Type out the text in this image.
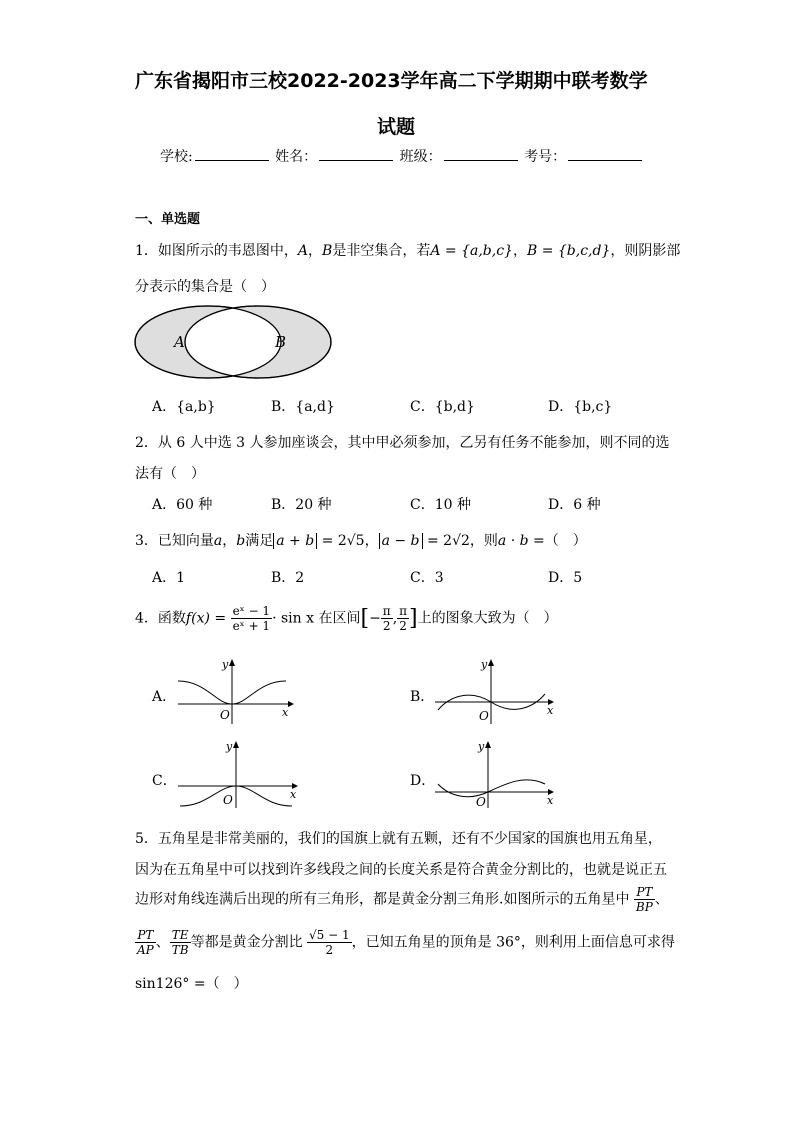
广东省揭阳市三校2022-2023学年高二下学期期中联考数学
试题
学校:	姓名：	班级：	考号：
一、单选题
1．如图所示的韦恩图中，A，B是非空集合，若A = {a,b,c}，B = {b,c,d}，则阴影部
分表示的集合是（　）
A	B
A．{a,b}	B．{a,d}	C．{b,d}	D．{b,c}
2．从 6 人中选 3 人参加座谈会，其中甲必须参加，乙另有任务不能参加，则不同的选
法有（　）
A．60 种	B．20 种	C．10 种	D．6 种
3．已知向量a，b满足 a + b = 2√5， a − b = 2√2，则a · b =（　）
A．1	B．2	C．3	D．5
4．函数$f(x) = \frac{\text{eˣ − 1}}{\text{eˣ + 1}} \cdot \sin x$ 在区间[− $\frac{\pi}{2}$ , $\frac{\pi}{2}$ ]上的图象大致为（　）
A．
y
x
O
B．
y
x
O
C．
y
x
O
D．
y
x
O
5．五角星是非常美丽的，我们的国旗上就有五颗，还有不少国家的国旗也用五角星，
因为在五角星中可以找到许多线段之间的长度关系是符合黄金分割比的，也就是说正五
边形对角线连满后出现的所有三角形，都是黄金分割三角形.如图所示的五角星中 $\frac{PT}{BP}$ 、
$\frac{PT}{AP}$ 、 $\frac{TE}{TB}$ 等都是黄金分割比 $\frac{√5 - 1}{2}$ ，已知五角星的顶角是 36°，则利用上面信息可求得
sin126° =（　）
